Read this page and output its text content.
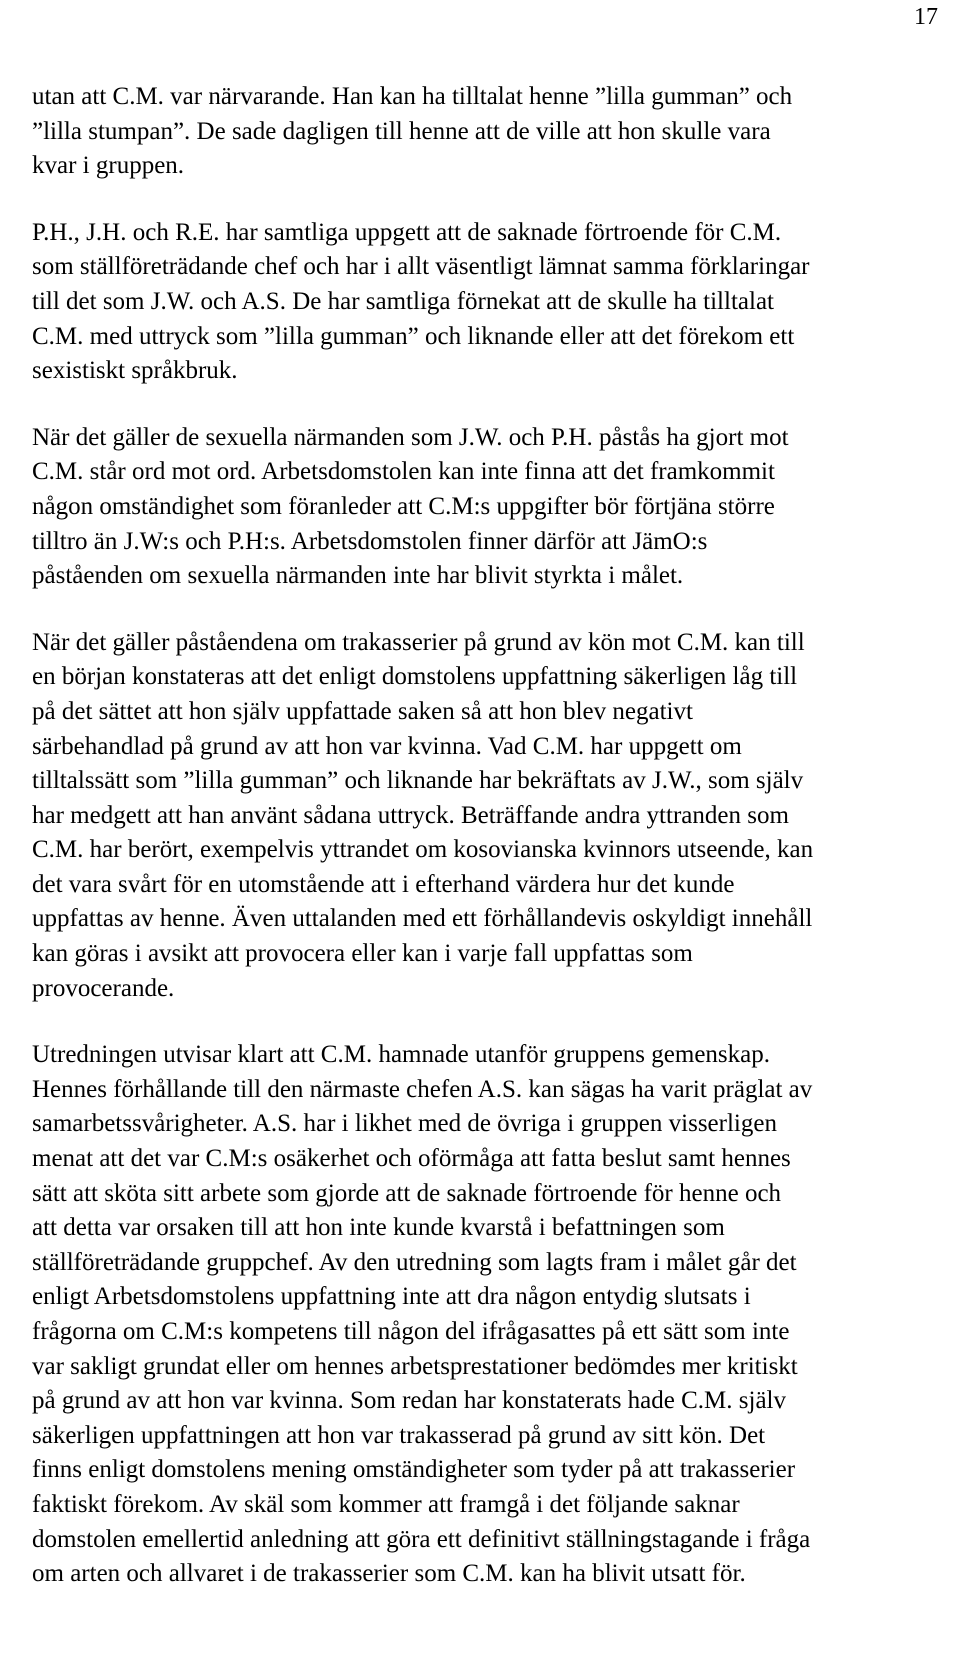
17

utan att C.M. var närvarande. Han kan ha tilltalat henne ”lilla gumman” och
”lilla stumpan”. De sade dagligen till henne att de ville att hon skulle vara
kvar i gruppen.

P.H., J.H. och R.E. har samtliga uppgett att de saknade förtroende för C.M.
som ställföreträdande chef och har i allt väsentligt lämnat samma förklaringar
till det som J.W. och A.S. De har samtliga förnekat att de skulle ha tilltalat
C.M. med uttryck som ”lilla gumman” och liknande eller att det förekom ett
sexistiskt språkbruk.

När det gäller de sexuella närmanden som J.W. och P.H. påstås ha gjort mot
C.M. står ord mot ord. Arbetsdomstolen kan inte finna att det framkommit
någon omständighet som föranleder att C.M:s uppgifter bör förtjäna större
tilltro än J.W:s och P.H:s. Arbetsdomstolen finner därför att JämO:s
påståenden om sexuella närmanden inte har blivit styrkta i målet.

När det gäller påståendena om trakasserier på grund av kön mot C.M. kan till
en början konstateras att det enligt domstolens uppfattning säkerligen låg till
på det sättet att hon själv uppfattade saken så att hon blev negativt
särbehandlad på grund av att hon var kvinna. Vad C.M. har uppgett om
tilltalssätt som ”lilla gumman” och liknande har bekräftats av J.W., som själv
har medgett att han använt sådana uttryck. Beträffande andra yttranden som
C.M. har berört, exempelvis yttrandet om kosovianska kvinnors utseende, kan
det vara svårt för en utomstående att i efterhand värdera hur det kunde
uppfattas av henne. Även uttalanden med ett förhållandevis oskyldigt innehåll
kan göras i avsikt att provocera eller kan i varje fall uppfattas som
provocerande.

Utredningen utvisar klart att C.M. hamnade utanför gruppens gemenskap.
Hennes förhållande till den närmaste chefen A.S. kan sägas ha varit präglat av
samarbetssvårigheter. A.S. har i likhet med de övriga i gruppen visserligen
menat att det var C.M:s osäkerhet och oförmåga att fatta beslut samt hennes
sätt att sköta sitt arbete som gjorde att de saknade förtroende för henne och
att detta var orsaken till att hon inte kunde kvarstå i befattningen som
ställföreträdande gruppchef. Av den utredning som lagts fram i målet går det
enligt Arbetsdomstolens uppfattning inte att dra någon entydig slutsats i
frågorna om C.M:s kompetens till någon del ifrågasattes på ett sätt som inte
var sakligt grundat eller om hennes arbetsprestationer bedömdes mer kritiskt
på grund av att hon var kvinna. Som redan har konstaterats hade C.M. själv
säkerligen uppfattningen att hon var trakasserad på grund av sitt kön. Det
finns enligt domstolens mening omständigheter som tyder på att trakasserier
faktiskt förekom. Av skäl som kommer att framgå i det följande saknar
domstolen emellertid anledning att göra ett definitivt ställningstagande i fråga
om arten och allvaret i de trakasserier som C.M. kan ha blivit utsatt för.
